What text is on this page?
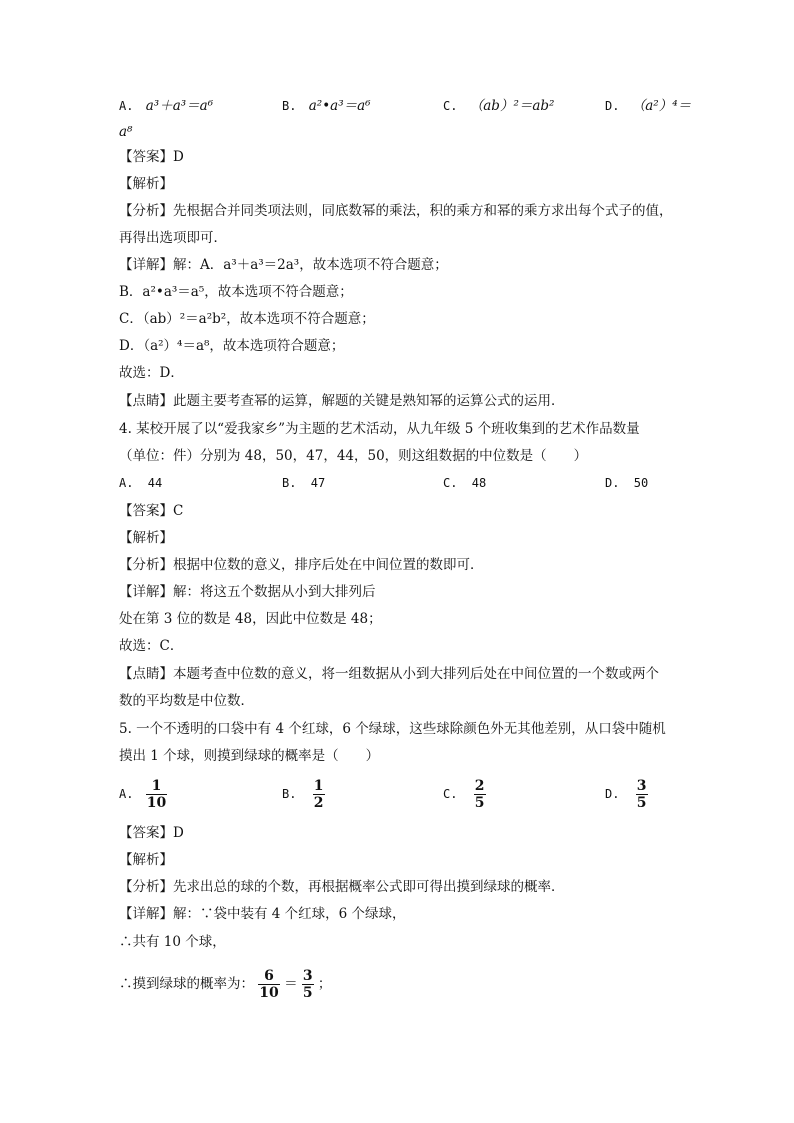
A. a³＋a³＝a⁶	B. a²•a³＝a⁶	C. （ab）²＝ab²	D. （a²）⁴＝
a⁸
【答案】D
【解析】
【分析】先根据合并同类项法则，同底数幂的乘法，积的乘方和幂的乘方求出每个式子的值，
再得出选项即可．
【详解】解：A．a³＋a³＝2a³，故本选项不符合题意；
B．a²•a³＝a⁵，故本选项不符合题意；
C．（ab）²＝a²b²，故本选项不符合题意；
D．（a²）⁴＝a⁸，故本选项符合题意；
故选：D．
【点睛】此题主要考查幂的运算，解题的关键是熟知幂的运算公式的运用．
4. 某校开展了以“爱我家乡”为主题的艺术活动，从九年级 5 个班收集到的艺术作品数量
（单位：件）分别为 48，50，47，44，50，则这组数据的中位数是（　　）
A. 44	B. 47	C. 48	D. 50
【答案】C
【解析】
【分析】根据中位数的意义，排序后处在中间位置的数即可．
【详解】解：将这五个数据从小到大排列后
处在第 3 位的数是 48，因此中位数是 48；
故选：C．
【点睛】本题考查中位数的意义，将一组数据从小到大排列后处在中间位置的一个数或两个
数的平均数是中位数．
5. 一个不透明的口袋中有 4 个红球，6 个绿球，这些球除颜色外无其他差别，从口袋中随机
摸出 1 个球，则摸到绿球的概率是（　　）
A. $\frac{1}{10}$	B. $\frac{1}{2}$	C. $\frac{2}{5}$	D. $\frac{3}{5}$
【答案】D
【解析】
【分析】先求出总的球的个数，再根据概率公式即可得出摸到绿球的概率．
【详解】解：∵袋中装有 4 个红球，6 个绿球，
∴共有 10 个球，
∴摸到绿球的概率为： $\frac{6}{10} = \frac{3}{5}$ ；
